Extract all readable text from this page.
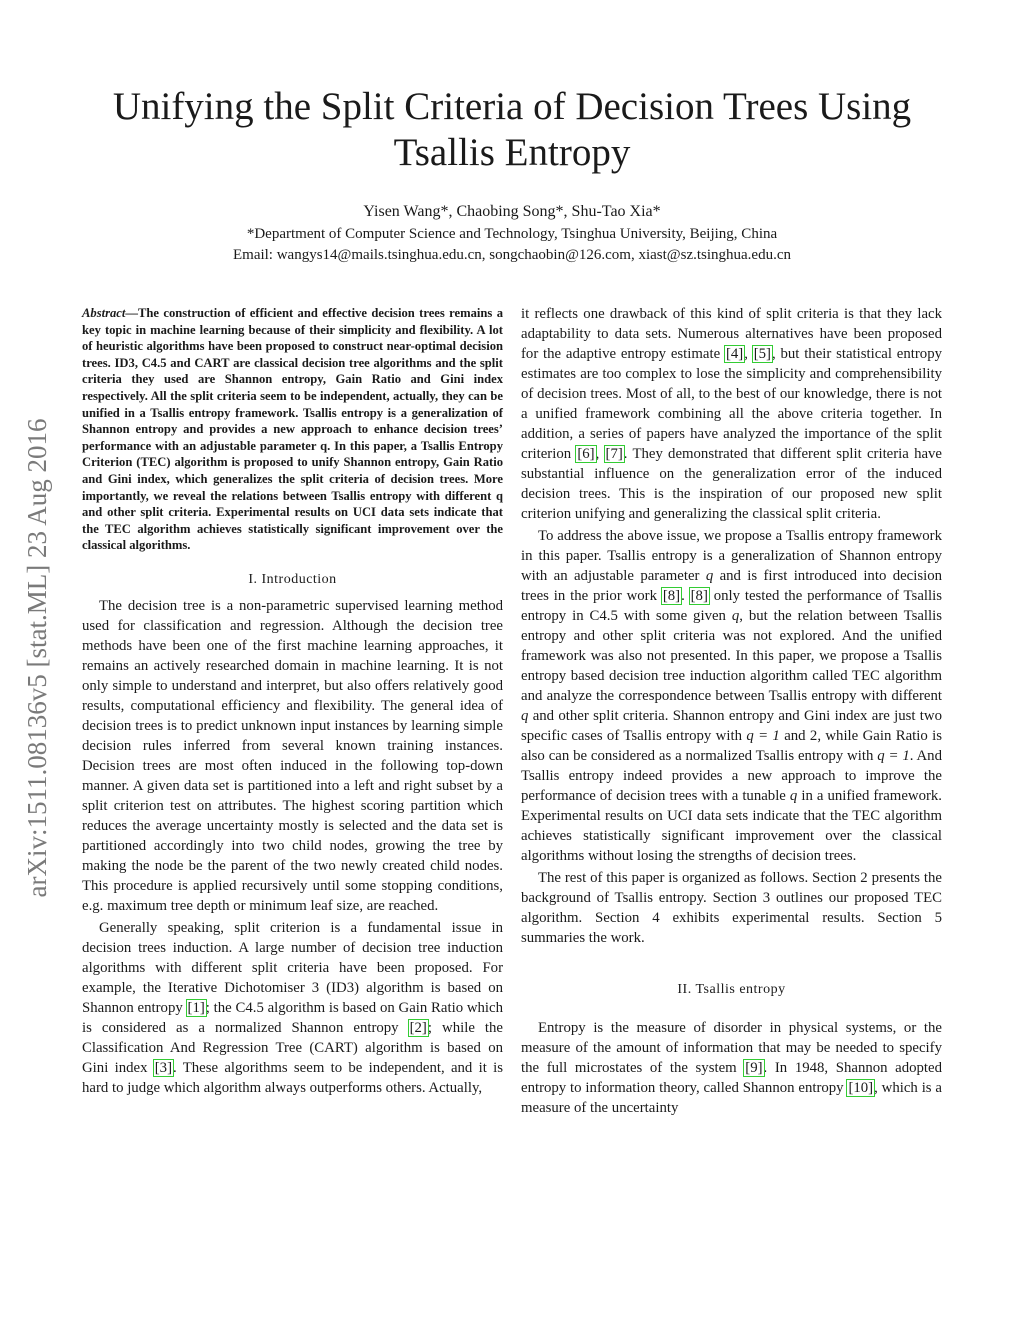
Unifying the Split Criteria of Decision Trees Using Tsallis Entropy
Yisen Wang*, Chaobing Song*, Shu-Tao Xia*
*Department of Computer Science and Technology, Tsinghua University, Beijing, China
Email: wangys14@mails.tsinghua.edu.cn, songchaobin@126.com, xiast@sz.tsinghua.edu.cn
arXiv:1511.08136v5 [stat.ML] 23 Aug 2016

Abstract—The construction of efficient and effective decision trees remains a key topic in machine learning because of their simplicity and flexibility. A lot of heuristic algorithms have been proposed to construct near-optimal decision trees. ID3, C4.5 and CART are classical decision tree algorithms and the split criteria they used are Shannon entropy, Gain Ratio and Gini index respectively. All the split criteria seem to be independent, actually, they can be unified in a Tsallis entropy framework. Tsallis entropy is a generalization of Shannon entropy and provides a new approach to enhance decision trees’ performance with an adjustable parameter q. In this paper, a Tsallis Entropy Criterion (TEC) algorithm is proposed to unify Shannon entropy, Gain Ratio and Gini index, which generalizes the split criteria of decision trees. More importantly, we reveal the relations between Tsallis entropy with different q and other split criteria. Experimental results on UCI data sets indicate that the TEC algorithm achieves statistically significant improvement over the classical algorithms.

I. Introduction

The decision tree is a non-parametric supervised learning method used for classification and regression. Although the decision tree methods have been one of the first machine learning approaches, it remains an actively researched domain in machine learning. It is not only simple to understand and interpret, but also offers relatively good results, computational efficiency and flexibility. The general idea of decision trees is to predict unknown input instances by learning simple decision rules inferred from several known training instances. Decision trees are most often induced in the following top-down manner. A given data set is partitioned into a left and right subset by a split criterion test on attributes. The highest scoring partition which reduces the average uncertainty mostly is selected and the data set is partitioned accordingly into two child nodes, growing the tree by making the node be the parent of the two newly created child nodes. This procedure is applied recursively until some stopping conditions, e.g. maximum tree depth or minimum leaf size, are reached.

Generally speaking, split criterion is a fundamental issue in decision trees induction. A large number of decision tree induction algorithms with different split criteria have been proposed. For example, the Iterative Dichotomiser 3 (ID3) algorithm is based on Shannon entropy [1]; the C4.5 algorithm is based on Gain Ratio which is considered as a normalized Shannon entropy [2]; while the Classification And Regression Tree (CART) algorithm is based on Gini index [3]. These algorithms seem to be independent, and it is hard to judge which algorithm always outperforms others. Actually,

it reflects one drawback of this kind of split criteria is that they lack adaptability to data sets. Numerous alternatives have been proposed for the adaptive entropy estimate [4], [5], but their statistical entropy estimates are too complex to lose the simplicity and comprehensibility of decision trees. Most of all, to the best of our knowledge, there is not a unified framework combining all the above criteria together. In addition, a series of papers have analyzed the importance of the split criterion [6], [7]. They demonstrated that different split criteria have substantial influence on the generalization error of the induced decision trees. This is the inspiration of our proposed new split criterion unifying and generalizing the classical split criteria.

To address the above issue, we propose a Tsallis entropy framework in this paper. Tsallis entropy is a generalization of Shannon entropy with an adjustable parameter q and is first introduced into decision trees in the prior work [8]. [8] only tested the performance of Tsallis entropy in C4.5 with some given q, but the relation between Tsallis entropy and other split criteria was not explored. And the unified framework was also not presented. In this paper, we propose a Tsallis entropy based decision tree induction algorithm called TEC algorithm and analyze the correspondence between Tsallis entropy with different q and other split criteria. Shannon entropy and Gini index are just two specific cases of Tsallis entropy with q = 1 and 2, while Gain Ratio is also can be considered as a normalized Tsallis entropy with q = 1. And Tsallis entropy indeed provides a new approach to improve the performance of decision trees with a tunable q in a unified framework. Experimental results on UCI data sets indicate that the TEC algorithm achieves statistically significant improvement over the classical algorithms without losing the strengths of decision trees.

The rest of this paper is organized as follows. Section 2 presents the background of Tsallis entropy. Section 3 outlines our proposed TEC algorithm. Section 4 exhibits experimental results. Section 5 summaries the work.

II. Tsallis entropy

Entropy is the measure of disorder in physical systems, or the measure of the amount of information that may be needed to specify the full microstates of the system [9]. In 1948, Shannon adopted entropy to information theory, called Shannon entropy [10], which is a measure of the uncertainty
